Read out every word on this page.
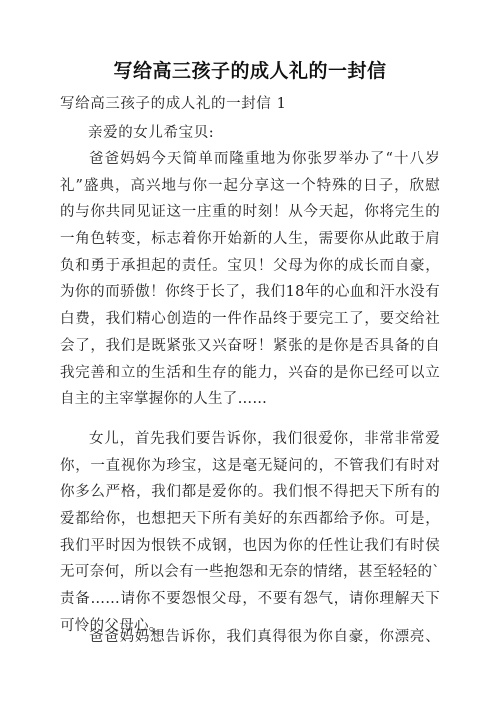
写给高三孩子的成人礼的一封信
写给高三孩子的成人礼的一封信 1
亲爱的女儿希宝贝:
爸爸妈妈今天简单而隆重地为你张罗举办了“十八岁
礼”盛典，高兴地与你一起分享这一个特殊的日子，欣慰
的与你共同见证这一庄重的时刻！从今天起，你将完生的
一角色转变，标志着你开始新的人生，需要你从此敢于肩
负和勇于承担起的责任。宝贝！父母为你的成长而自豪，
为你的而骄傲！你终于长了，我们18年的心血和汗水没有
白费，我们精心创造的一件作品终于要完工了，要交给社
会了，我们是既紧张又兴奋呀！紧张的是你是否具备的自
我完善和立的生活和生存的能力，兴奋的是你已经可以立
自主的主宰掌握你的人生了……
女儿，首先我们要告诉你，我们很爱你，非常非常爱
你，一直视你为珍宝，这是毫无疑问的，不管我们有时对
你多么严格，我们都是爱你的。我们恨不得把天下所有的
爱都给你，也想把天下所有美好的东西都给予你。可是，
我们平时因为恨铁不成钢，也因为你的任性让我们有时侯
无可奈何，所以会有一些抱怨和无奈的情绪，甚至轻轻的`
责备……请你不要怨恨父母，不要有怨气，请你理解天下
可怜的父母心。
爸爸妈妈想告诉你，我们真得很为你自豪，你漂亮、
